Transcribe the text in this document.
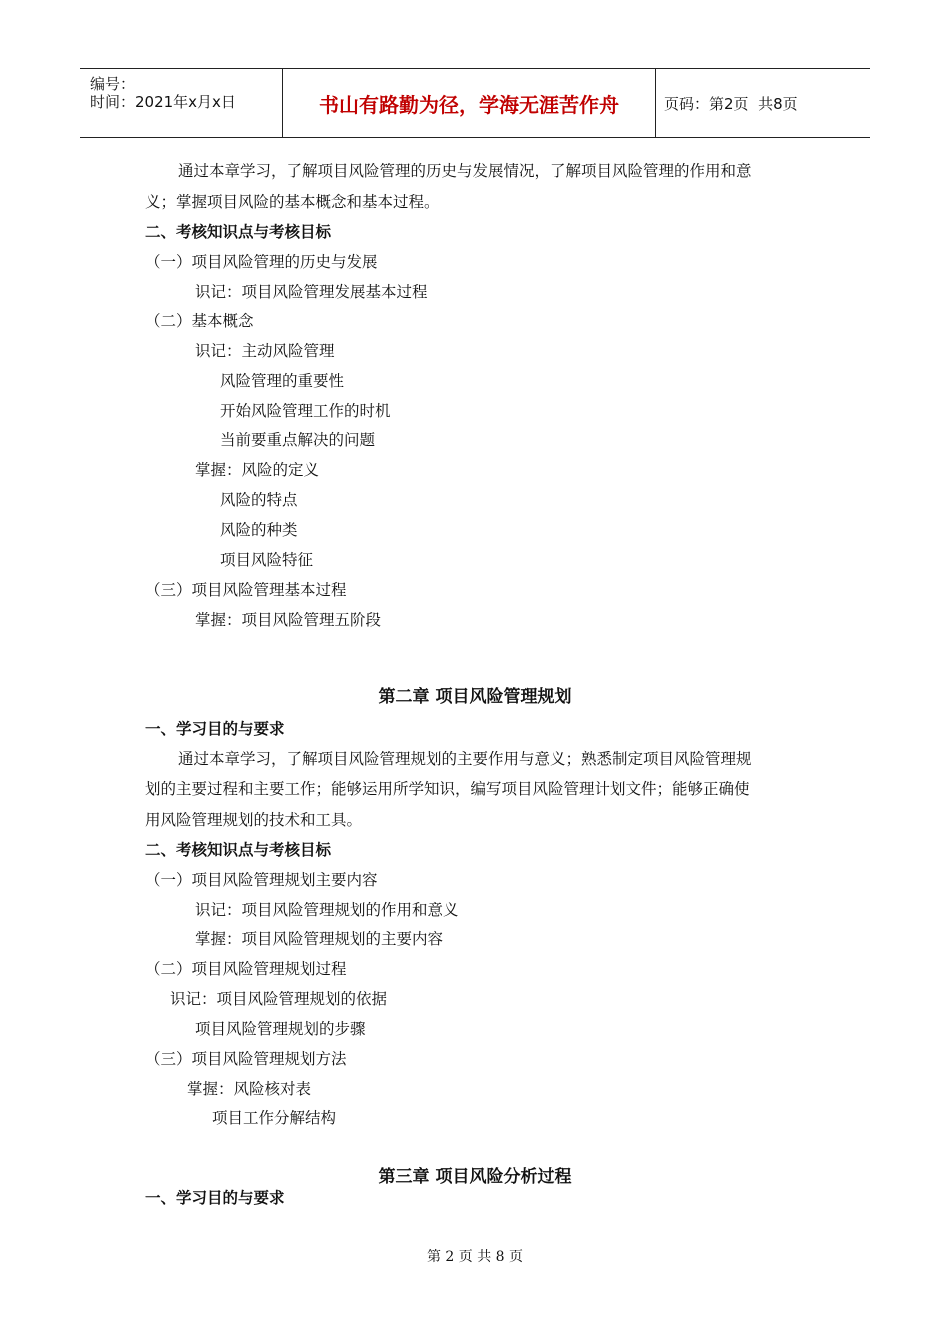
编号：
时间：2021年x月x日	书山有路勤为径，学海无涯苦作舟	页码：第2页  共8页
通过本章学习，了解项目风险管理的历史与发展情况，了解项目风险管理的作用和意
义；掌握项目风险的基本概念和基本过程。
二、考核知识点与考核目标
（一）项目风险管理的历史与发展
识记：项目风险管理发展基本过程
（二）基本概念
识记：主动风险管理
风险管理的重要性
开始风险管理工作的时机
当前要重点解决的问题
掌握：风险的定义
风险的特点
风险的种类
项目风险特征
（三）项目风险管理基本过程
掌握：项目风险管理五阶段
第二章 项目风险管理规划
一、学习目的与要求
通过本章学习，了解项目风险管理规划的主要作用与意义；熟悉制定项目风险管理规
划的主要过程和主要工作；能够运用所学知识，编写项目风险管理计划文件；能够正确使
用风险管理规划的技术和工具。
二、考核知识点与考核目标
（一）项目风险管理规划主要内容
识记：项目风险管理规划的作用和意义
掌握：项目风险管理规划的主要内容
（二）项目风险管理规划过程
识记：项目风险管理规划的依据
项目风险管理规划的步骤
（三）项目风险管理规划方法
掌握：风险核对表
项目工作分解结构
第三章 项目风险分析过程
一、学习目的与要求
第 2 页 共 8 页
